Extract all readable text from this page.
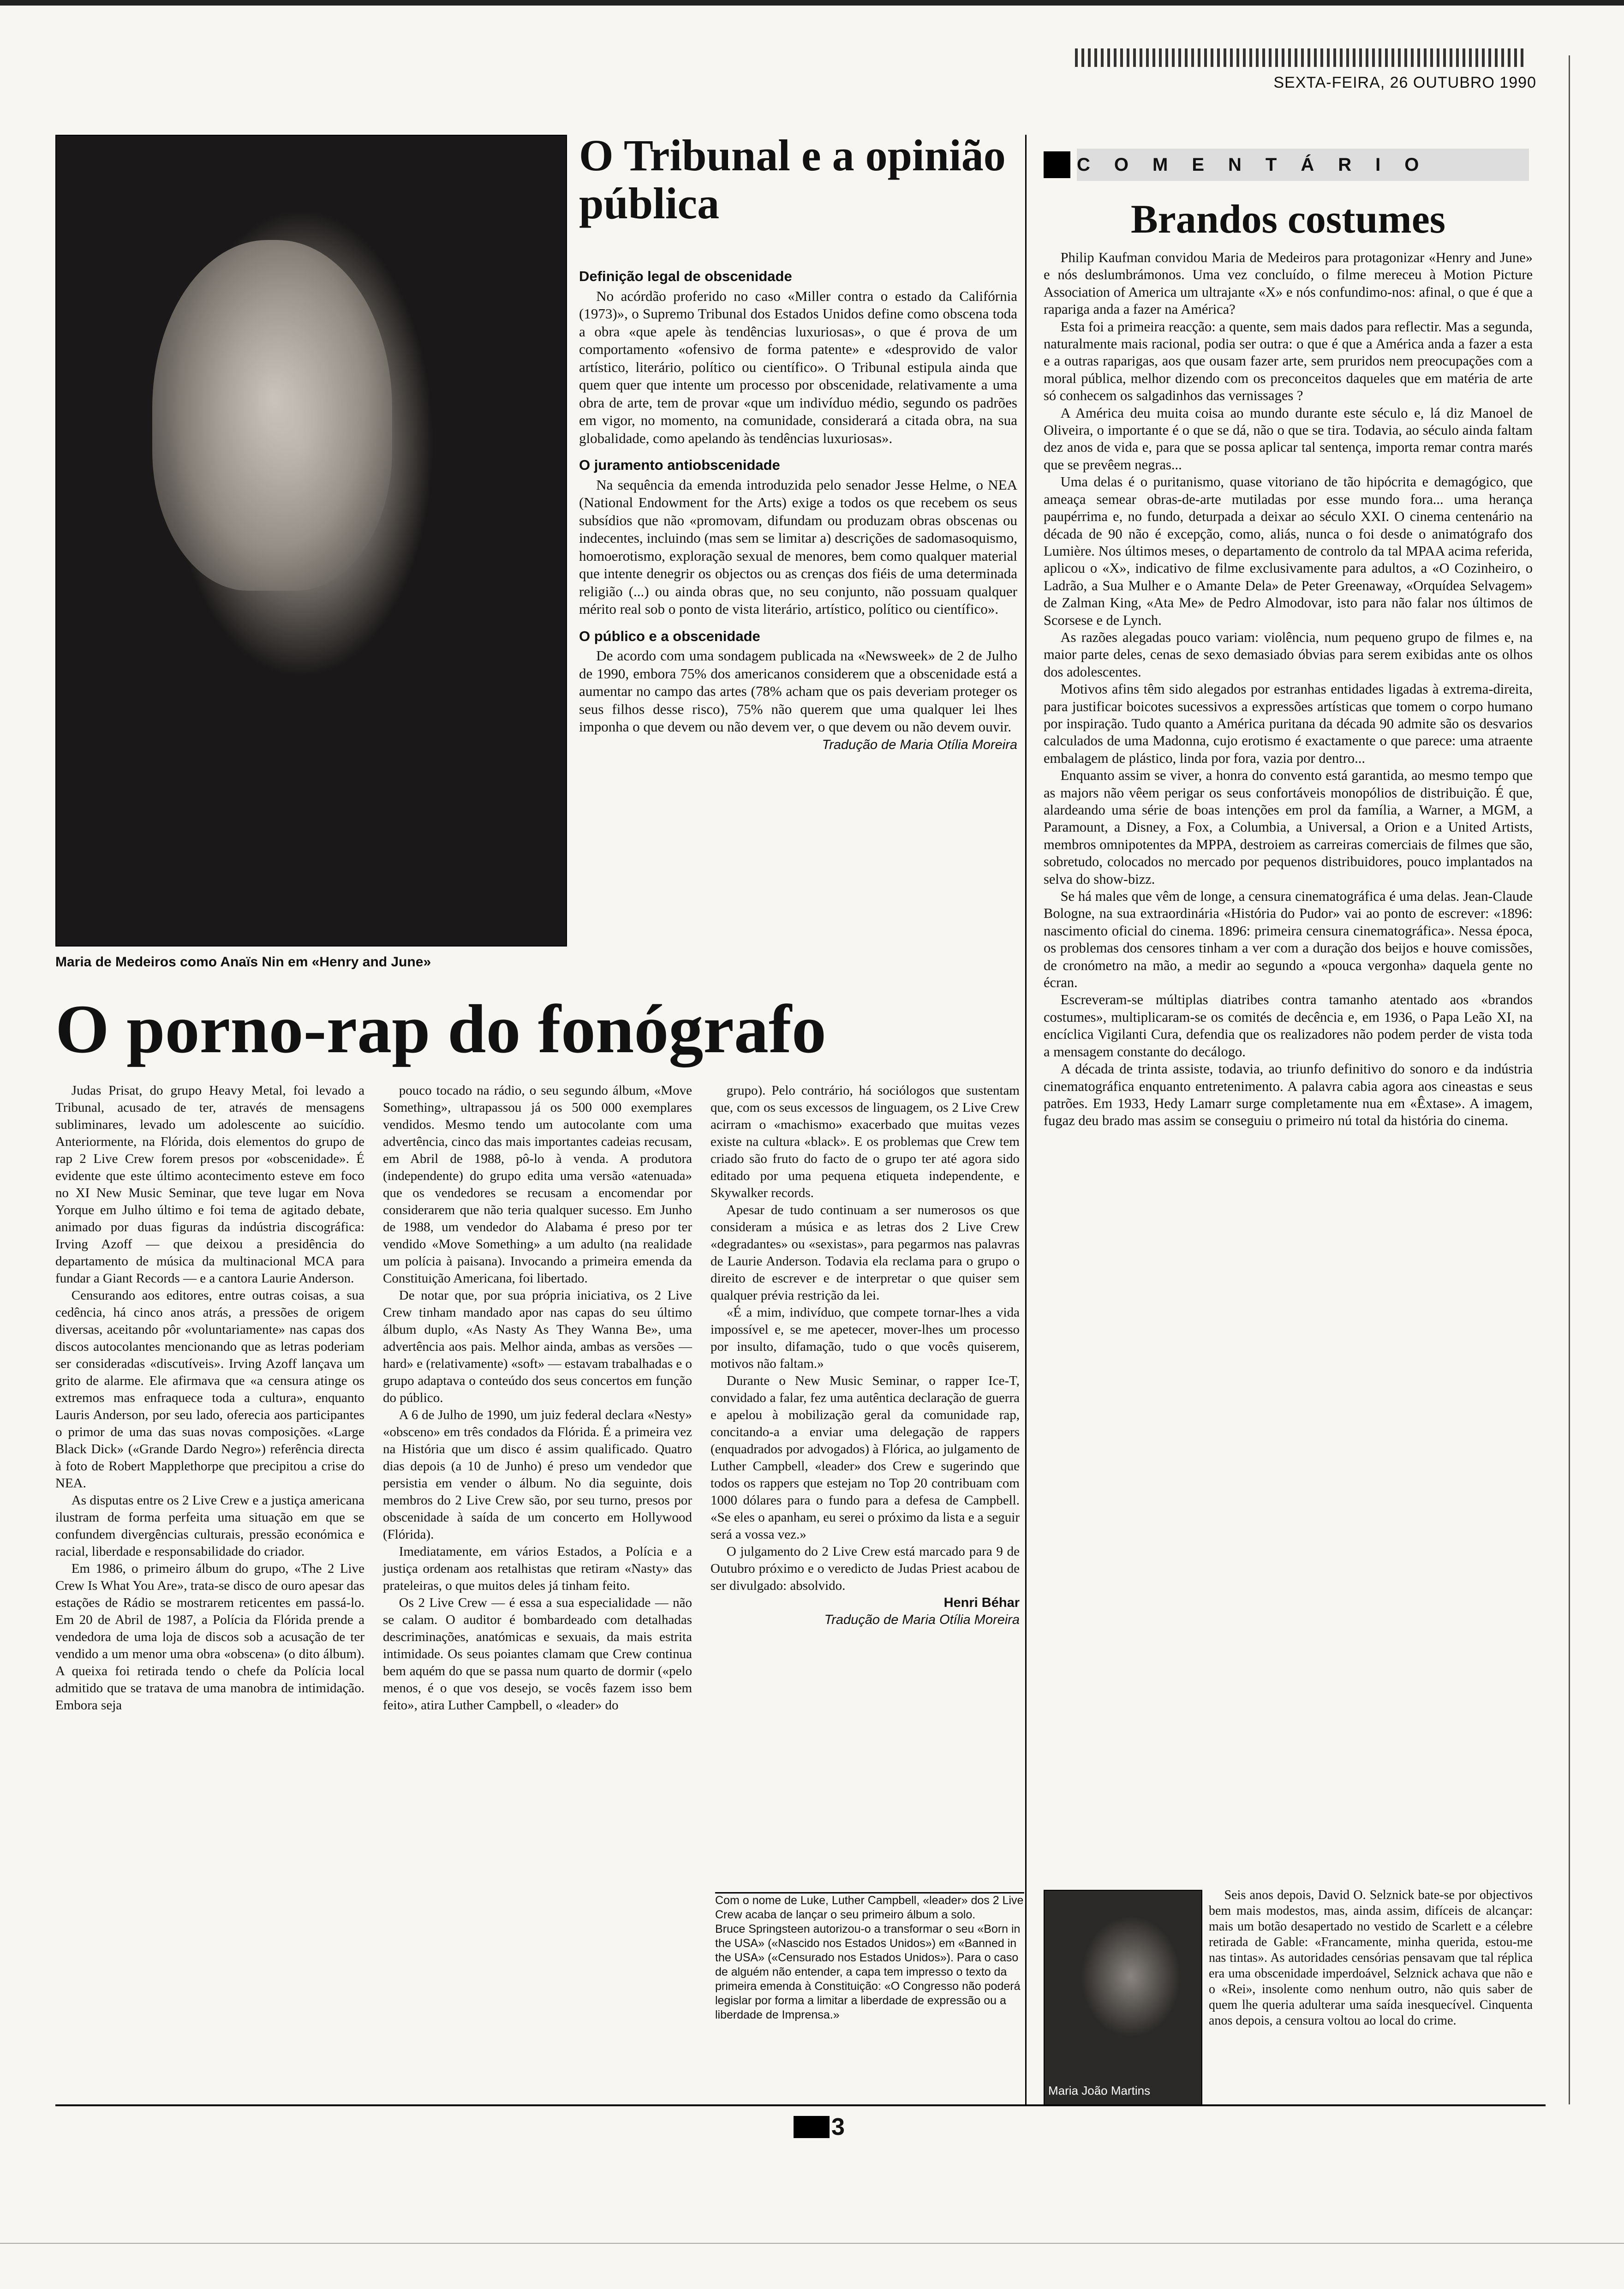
SEXTA-FEIRA, 26 OUTUBRO 1990
Maria de Medeiros como Anaïs Nin em «Henry and June»
O Tribunal e a opinião pública
Definição legal de obscenidade

No acórdão proferido no caso «Miller contra o estado da Califórnia (1973)», o Supremo Tribunal dos Estados Unidos define como obscena toda a obra «que apele às tendências luxuriosas», o que é prova de um comportamento «ofensivo de forma patente» e «desprovido de valor artístico, literário, político ou científico». O Tribunal estipula ainda que quem quer que intente um processo por obscenidade, relativamente a uma obra de arte, tem de provar «que um indivíduo médio, segundo os padrões em vigor, no momento, na comunidade, considerará a citada obra, na sua globalidade, como apelando às tendências luxuriosas».

O juramento antiobscenidade

Na sequência da emenda introduzida pelo senador Jesse Helme, o NEA (National Endowment for the Arts) exige a todos os que recebem os seus subsídios que não «promovam, difundam ou produzam obras obscenas ou indecentes, incluindo (mas sem se limitar a) descrições de sadomasoquismo, homoerotismo, exploração sexual de menores, bem como qualquer material que intente denegrir os objectos ou as crenças dos fiéis de uma determinada religião (...) ou ainda obras que, no seu conjunto, não possuam qualquer mérito real sob o ponto de vista literário, artístico, político ou científico».

O público e a obscenidade

De acordo com uma sondagem publicada na «Newsweek» de 2 de Julho de 1990, embora 75% dos americanos considerem que a obscenidade está a aumentar no campo das artes (78% acham que os pais deveriam proteger os seus filhos desse risco), 75% não querem que uma qualquer lei lhes imponha o que devem ou não devem ver, o que devem ou não devem ouvir.

Tradução de Maria Otília Moreira
O porno-rap do fonógrafo

Judas Prisat, do grupo Heavy Metal, foi levado a Tribunal, acusado de ter, através de mensagens subliminares, levado um adolescente ao suicídio. Anteriormente, na Flórida, dois elementos do grupo de rap 2 Live Crew forem presos por «obscenidade». É evidente que este último acontecimento esteve em foco no XI New Music Seminar, que teve lugar em Nova Yorque em Julho último e foi tema de agitado debate, animado por duas figuras da indústria discográfica: Irving Azoff — que deixou a presidência do departamento de música da multinacional MCA para fundar a Giant Records — e a cantora Laurie Anderson.

Censurando aos editores, entre outras coisas, a sua cedência, há cinco anos atrás, a pressões de origem diversas, aceitando pôr «voluntariamente» nas capas dos discos autocolantes mencionando que as letras poderiam ser consideradas «discutíveis». Irving Azoff lançava um grito de alarme. Ele afirmava que «a censura atinge os extremos mas enfraquece toda a cultura», enquanto Lauris Anderson, por seu lado, oferecia aos participantes o primor de uma das suas novas composições. «Large Black Dick» («Grande Dardo Negro») referência directa à foto de Robert Mapplethorpe que precipitou a crise do NEA.

As disputas entre os 2 Live Crew e a justiça americana ilustram de forma perfeita uma situação em que se confundem divergências culturais, pressão económica e racial, liberdade e responsabilidade do criador.

Em 1986, o primeiro álbum do grupo, «The 2 Live Crew Is What You Are», trata-se disco de ouro apesar das estações de Rádio se mostrarem reticentes em passá-lo. Em 20 de Abril de 1987, a Polícia da Flórida prende a vendedora de uma loja de discos sob a acusação de ter vendido a um menor uma obra «obscena» (o dito álbum). A queixa foi retirada tendo o chefe da Polícia local admitido que se tratava de uma manobra de intimidação. Embora seja

pouco tocado na rádio, o seu segundo álbum, «Move Something», ultrapassou já os 500 000 exemplares vendidos. Mesmo tendo um autocolante com uma advertência, cinco das mais importantes cadeias recusam, em Abril de 1988, pô-lo à venda. A produtora (independente) do grupo edita uma versão «atenuada» que os vendedores se recusam a encomendar por considerarem que não teria qualquer sucesso. Em Junho de 1988, um vendedor do Alabama é preso por ter vendido «Move Something» a um adulto (na realidade um polícia à paisana). Invocando a primeira emenda da Constituição Americana, foi libertado.

De notar que, por sua própria iniciativa, os 2 Live Crew tinham mandado apor nas capas do seu último álbum duplo, «As Nasty As They Wanna Be», uma advertência aos pais. Melhor ainda, ambas as versões — hard» e (relativamente) «soft» — estavam trabalhadas e o grupo adaptava o conteúdo dos seus concertos em função do público.

A 6 de Julho de 1990, um juiz federal declara «Nesty» «obsceno» em três condados da Flórida. É a primeira vez na História que um disco é assim qualificado. Quatro dias depois (a 10 de Junho) é preso um vendedor que persistia em vender o álbum. No dia seguinte, dois membros do 2 Live Crew são, por seu turno, presos por obscenidade à saída de um concerto em Hollywood (Flórida).

Imediatamente, em vários Estados, a Polícia e a justiça ordenam aos retalhistas que retiram «Nasty» das prateleiras, o que muitos deles já tinham feito.

Os 2 Live Crew — é essa a sua especialidade — não se calam. O auditor é bombardeado com detalhadas descriminações, anatómicas e sexuais, da mais estrita intimidade. Os seus poiantes clamam que Crew continua bem aquém do que se passa num quarto de dormir («pelo menos, é o que vos desejo, se vocês fazem isso bem feito», atira Luther Campbell, o «leader» do

grupo). Pelo contrário, há sociólogos que sustentam que, com os seus excessos de linguagem, os 2 Live Crew acirram o «machismo» exacerbado que muitas vezes existe na cultura «black». E os problemas que Crew tem criado são fruto do facto de o grupo ter até agora sido editado por uma pequena etiqueta independente, e Skywalker records.

Apesar de tudo continuam a ser numerosos os que consideram a música e as letras dos 2 Live Crew «degradantes» ou «sexistas», para pegarmos nas palavras de Laurie Anderson. Todavia ela reclama para o grupo o direito de escrever e de interpretar o que quiser sem qualquer prévia restrição da lei.

«É a mim, indivíduo, que compete tornar-lhes a vida impossível e, se me apetecer, mover-lhes um processo por insulto, difamação, tudo o que vocês quiserem, motivos não faltam.»

Durante o New Music Seminar, o rapper Ice-T, convidado a falar, fez uma autêntica declaração de guerra e apelou à mobilização geral da comunidade rap, concitando-a a enviar uma delegação de rappers (enquadrados por advogados) à Flórica, ao julgamento de Luther Campbell, «leader» dos Crew e sugerindo que todos os rappers que estejam no Top 20 contribuam com 1000 dólares para o fundo para a defesa de Campbell. «Se eles o apanham, eu serei o próximo da lista e a seguir será a vossa vez.»

O julgamento do 2 Live Crew está marcado para 9 de Outubro próximo e o veredicto de Judas Priest acabou de ser divulgado: absolvido.

Henri Béhar
Tradução de Maria Otília Moreira

Com o nome de Luke, Luther Campbell, «leader» dos 2 Live Crew acaba de lançar o seu primeiro álbum a solo.

Bruce Springsteen autorizou-o a transformar o seu «Born in the USA» («Nascido nos Estados Unidos») em «Banned in the USA» («Censurado nos Estados Unidos»). Para o caso de alguém não entender, a capa tem impresso o texto da primeira emenda à Constituição: «O Congresso não poderá legislar por forma a limitar a liberdade de expressão ou a liberdade de Imprensa.»

COMENTÁRIO
Brandos costumes

Philip Kaufman convidou Maria de Medeiros para protagonizar «Henry and June» e nós deslumbrámonos. Uma vez concluído, o filme mereceu à Motion Picture Association of America um ultrajante «X» e nós confundimo-nos: afinal, o que é que a rapariga anda a fazer na América?

Esta foi a primeira reacção: a quente, sem mais dados para reflectir. Mas a segunda, naturalmente mais racional, podia ser outra: o que é que a América anda a fazer a esta e a outras raparigas, aos que ousam fazer arte, sem pruridos nem preocupações com a moral pública, melhor dizendo com os preconceitos daqueles que em matéria de arte só conhecem os salgadinhos das vernissages ?

A América deu muita coisa ao mundo durante este século e, lá diz Manoel de Oliveira, o importante é o que se dá, não o que se tira. Todavia, ao século ainda faltam dez anos de vida e, para que se possa aplicar tal sentença, importa remar contra marés que se prevêem negras...

Uma delas é o puritanismo, quase vitoriano de tão hipócrita e demagógico, que ameaça semear obras-de-arte mutiladas por esse mundo fora... uma herança paupérrima e, no fundo, deturpada a deixar ao século XXI. O cinema centenário na década de 90 não é excepção, como, aliás, nunca o foi desde o animatógrafo dos Lumière. Nos últimos meses, o departamento de controlo da tal MPAA acima referida, aplicou o «X», indicativo de filme exclusivamente para adultos, a «O Cozinheiro, o Ladrão, a Sua Mulher e o Amante Dela» de Peter Greenaway, «Orquídea Selvagem» de Zalman King, «Ata Me» de Pedro Almodovar, isto para não falar nos últimos de Scorsese e de Lynch.

As razões alegadas pouco variam: violência, num pequeno grupo de filmes e, na maior parte deles, cenas de sexo demasiado óbvias para serem exibidas ante os olhos dos adolescentes.

Motivos afins têm sido alegados por estranhas entidades ligadas à extrema-direita, para justificar boicotes sucessivos a expressões artísticas que tomem o corpo humano por inspiração. Tudo quanto a América puritana da década 90 admite são os desvarios calculados de uma Madonna, cujo erotismo é exactamente o que parece: uma atraente embalagem de plástico, linda por fora, vazia por dentro...

Enquanto assim se viver, a honra do convento está garantida, ao mesmo tempo que as majors não vêem perigar os seus confortáveis monopólios de distribuição. É que, alardeando uma série de boas intenções em prol da família, a Warner, a MGM, a Paramount, a Disney, a Fox, a Columbia, a Universal, a Orion e a United Artists, membros omnipotentes da MPPA, destroiem as carreiras comerciais de filmes que são, sobretudo, colocados no mercado por pequenos distribuidores, pouco implantados na selva do show-bizz.

Se há males que vêm de longe, a censura cinematográfica é uma delas. Jean-Claude Bologne, na sua extraordinária «História do Pudor» vai ao ponto de escrever: «1896: nascimento oficial do cinema. 1896: primeira censura cinematográfica». Nessa época, os problemas dos censores tinham a ver com a duração dos beijos e houve comissões, de cronómetro na mão, a medir ao segundo a «pouca vergonha» daquela gente no écran.

Escreveram-se múltiplas diatribes contra tamanho atentado aos «brandos costumes», multiplicaram-se os comités de decência e, em 1936, o Papa Leão XI, na encíclica Vigilanti Cura, defendia que os realizadores não podem perder de vista toda a mensagem constante do decálogo.

A década de trinta assiste, todavia, ao triunfo definitivo do sonoro e da indústria cinematográfica enquanto entretenimento. A palavra cabia agora aos cineastas e seus patrões. Em 1933, Hedy Lamarr surge completamente nua em «Êxtase». A imagem, fugaz deu brado mas assim se conseguiu o primeiro nú total da história do cinema.

Seis anos depois, David O. Selznick bate-se por objectivos bem mais modestos, mas, ainda assim, difíceis de alcançar: mais um botão desapertado no vestido de Scarlett e a célebre retirada de Gable: «Francamente, minha querida, estou-me nas tintas». As autoridades censórias pensavam que tal réplica era uma obscenidade imperdoável, Selznick achava que não e o «Rei», insolente como nenhum outro, não quis saber de quem lhe queria adulterar uma saída inesquecível. Cinquenta anos depois, a censura voltou ao local do crime.

Maria João Martins
3
